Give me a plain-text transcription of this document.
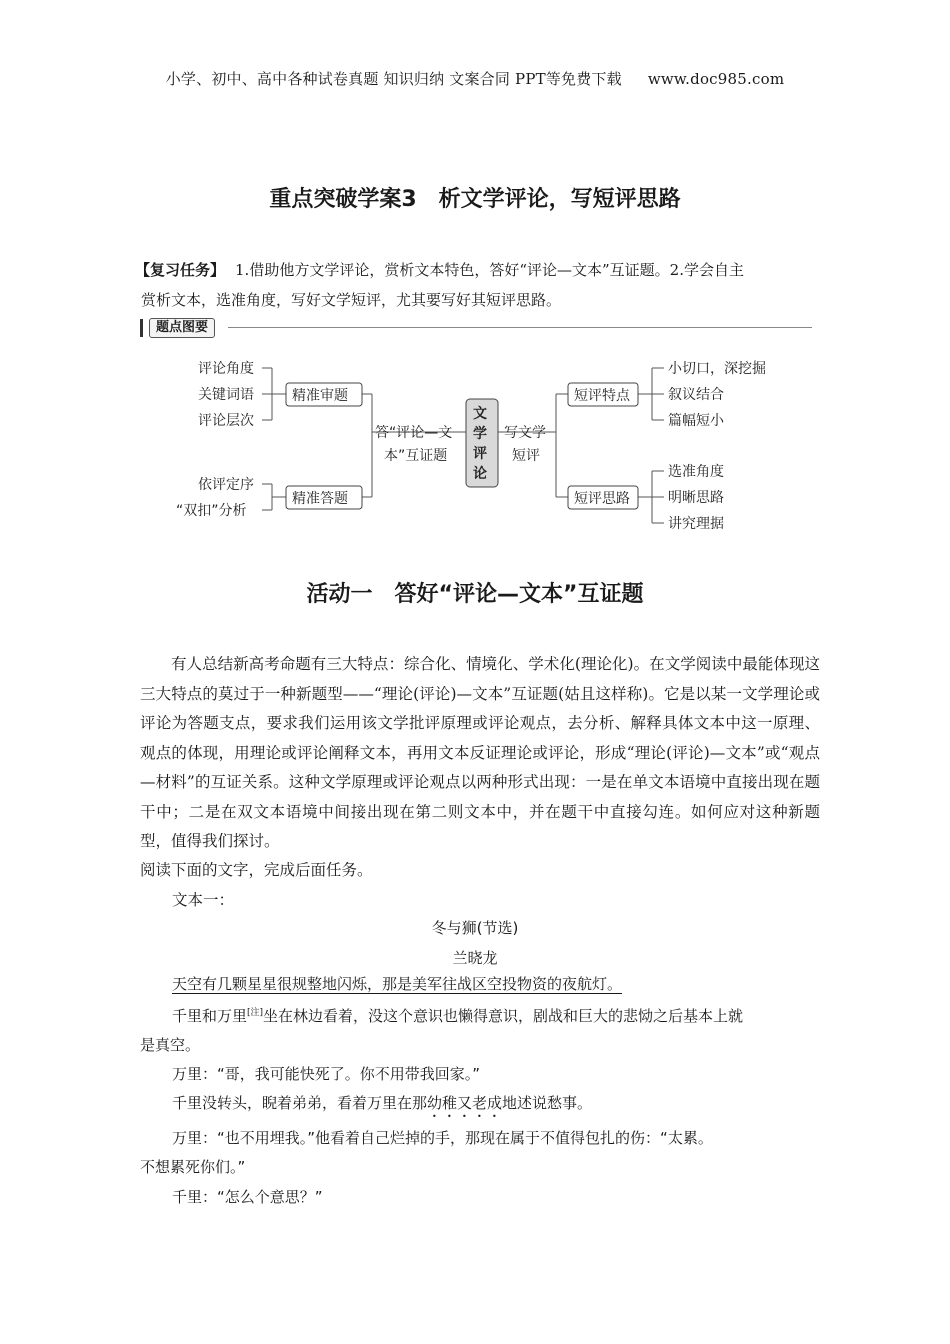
小学、初中、高中各种试卷真题 知识归纳 文案合同 PPT等免费下载 www.doc985.com
重点突破学案3 析文学评论，写短评思路
【复习任务】 1.借助他方文学评论，赏析文本特色，答好“评论—文本”互证题。2.学会自主
赏析文本，选准角度，写好文学短评，尤其要写好其短评思路。
题点图要
评论角度
关键词语
评论层次
依评定序
“双扣”分析
精准审题
精准答题
答“评论—文
本”互证题
文
学
评
论
写文学
短评
短评特点
短评思路
小切口，深挖掘
叙议结合
篇幅短小
选准角度
明晰思路
讲究理据
活动一 答好“评论—文本”互证题
有人总结新高考命题有三大特点：综合化、情境化、学术化(理论化)。在文学阅读中最能体现这三大特点的莫过于一种新题型——“理论(评论)—文本”互证题(姑且这样称)。它是以某一文学理论或评论为答题支点，要求我们运用该文学批评原理或评论观点，去分析、解释具体文本中这一原理、观点的体现，用理论或评论阐释文本，再用文本反证理论或评论，形成“理论(评论)—文本”或“观点—材料”的互证关系。这种文学原理或评论观点以两种形式出现：一是在单文本语境中直接出现在题干中；二是在双文本语境中间接出现在第二则文本中，并在题干中直接勾连。如何应对这种新题型，值得我们探讨。
阅读下面的文字，完成后面任务。
文本一：
冬与狮(节选)
兰晓龙
天空有几颗星星很规整地闪烁，那是美军往战区空投物资的夜航灯。
千里和万里[注]坐在林边看着，没这个意识也懒得意识，剧战和巨大的悲恸之后基本上就
是真空。
万里：“哥，我可能快死了。你不用带我回家。”
千里没转头，睨着弟弟，看着万里在那幼稚又老成地述说愁事。
万里：“也不用埋我。”他看着自己烂掉的手，那现在属于不值得包扎的伤：“太累。
不想累死你们。”
千里：“怎么个意思？”
